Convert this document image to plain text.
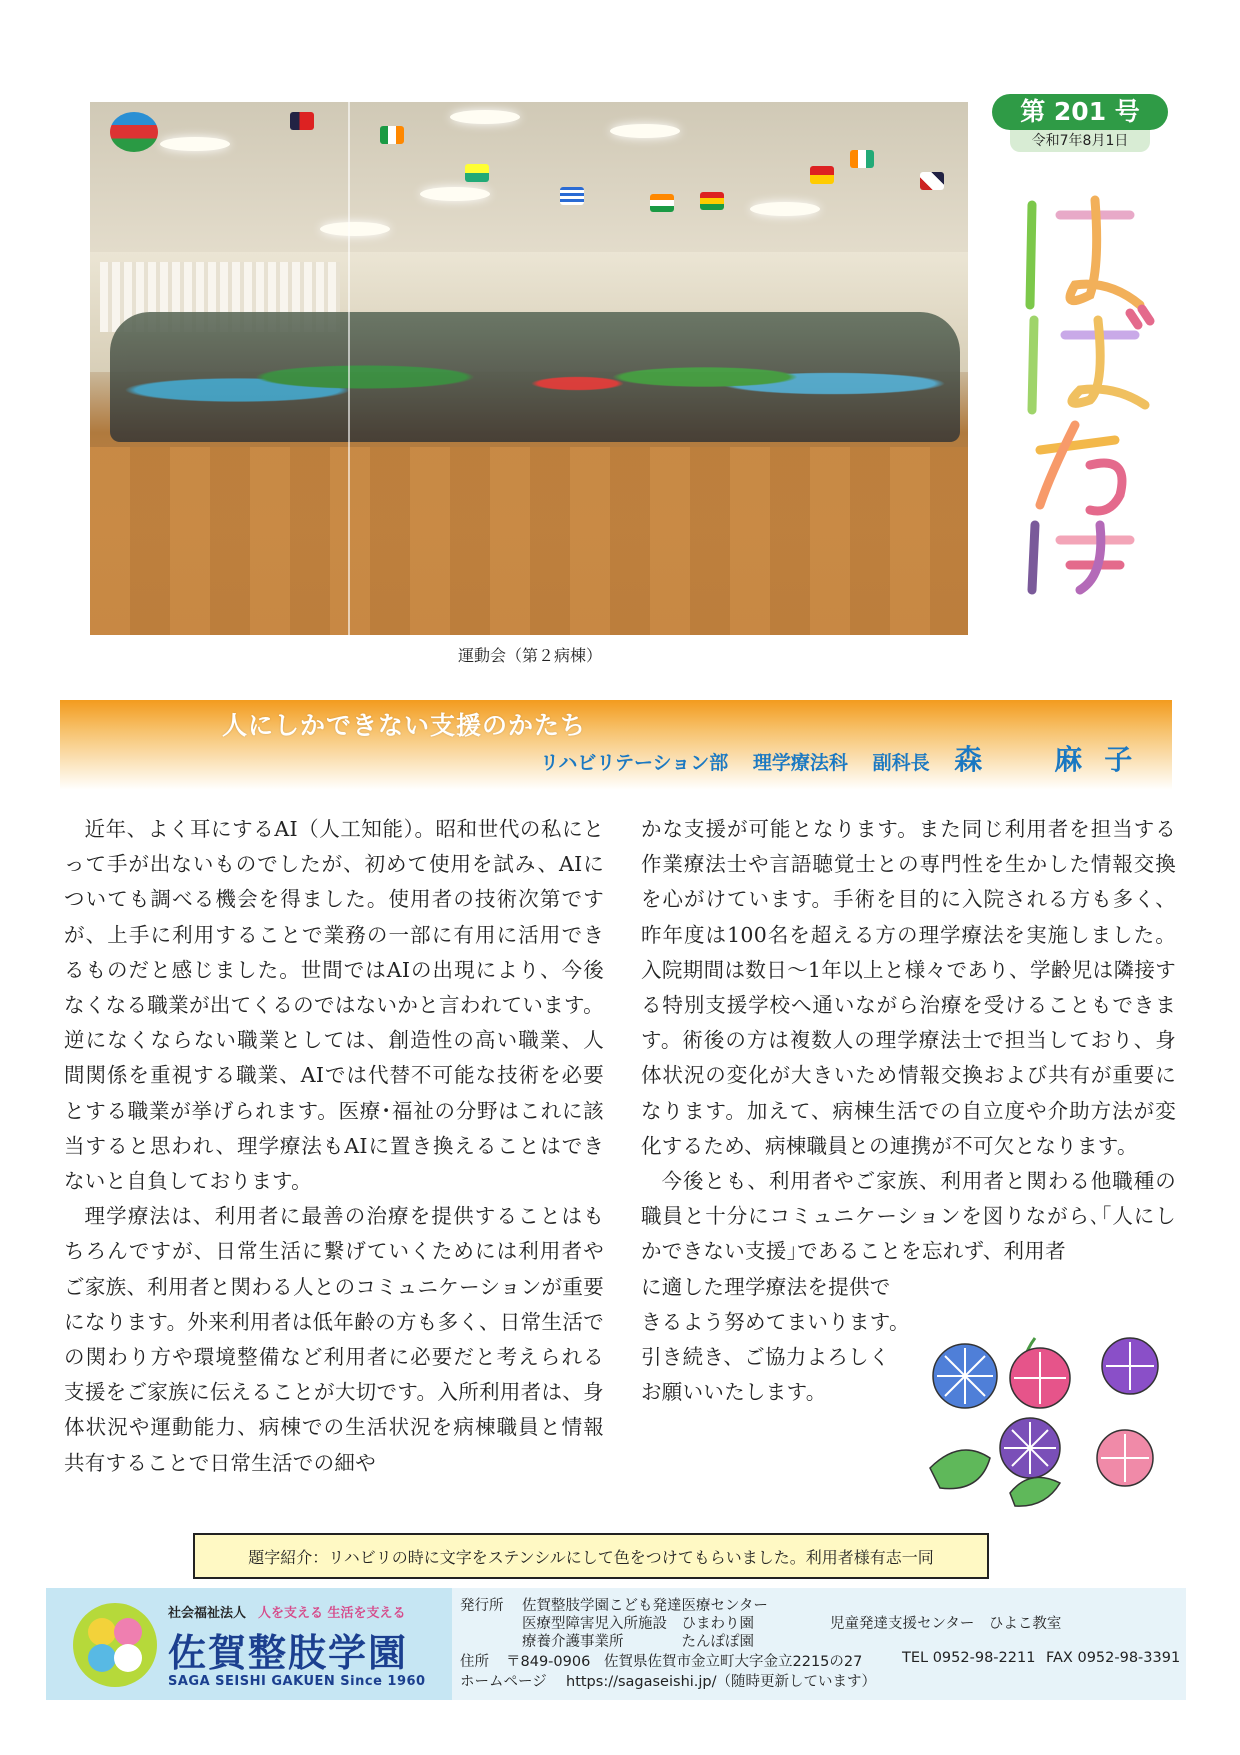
運動会（第２病棟）
第 201 号
令和7年8月1日
人にしかできない支援のかたち
リハビリテーション部 理学療法科 副科長 森　麻子

近年、よく耳にするAI（人工知能）。昭和世代の私にとって手が出ないものでしたが、初めて使用を試み、AIについても調べる機会を得ました。使用者の技術次第ですが、上手に利用することで業務の一部に有用に活用できるものだと感じました。世間ではAIの出現により、今後なくなる職業が出てくるのではないかと言われています。逆になくならない職業としては、創造性の高い職業、人間関係を重視する職業、AIでは代替不可能な技術を必要とする職業が挙げられます。医療･福祉の分野はこれに該当すると思われ、理学療法もAIに置き換えることはできないと自負しております。

理学療法は、利用者に最善の治療を提供することはもちろんですが、日常生活に繋げていくためには利用者やご家族、利用者と関わる人とのコミュニケーションが重要になります。外来利用者は低年齢の方も多く、日常生活での関わり方や環境整備など利用者に必要だと考えられる支援をご家族に伝えることが大切です。入所利用者は、身体状況や運動能力、病棟での生活状況を病棟職員と情報共有することで日常生活での細や

かな支援が可能となります。また同じ利用者を担当する作業療法士や言語聴覚士との専門性を生かした情報交換を心がけています。手術を目的に入院される方も多く、昨年度は100名を超える方の理学療法を実施しました。入院期間は数日～1年以上と様々であり、学齢児は隣接する特別支援学校へ通いながら治療を受けることもできます。術後の方は複数人の理学療法士で担当しており、身体状況の変化が大きいため情報交換および共有が重要になります。加えて、病棟生活での自立度や介助方法が変化するため、病棟職員との連携が不可欠となります。

今後とも、利用者やご家族、利用者と関わる他職種の職員と十分にコミュニケーションを図りながら､｢人にしかできない支援｣であることを忘れず、利用者

に適した理学療法を提供で
きるよう努めてまいります。
引き続き、ご協力よろしく
お願いいたします。
題字紹介：リハビリの時に文字をステンシルにして色をつけてもらいました。利用者様有志一同
社会福祉法人 人を支える 生活を支える
佐賀整肢学園
SAGA SEISHI GAKUEN Since 1960
発行所 佐賀整肢学園こども発達医療センター
医療型障害児入所施設　ひまわり園	児童発達支援センター　ひよこ教室
療養介護事業所　　　　たんぽぽ園
住所 〒849-0906 佐賀県佐賀市金立町大字金立2215の27	TEL 0952-98-2211 FAX 0952-98-3391
ホームページ https://sagaseishi.jp/（随時更新しています）
